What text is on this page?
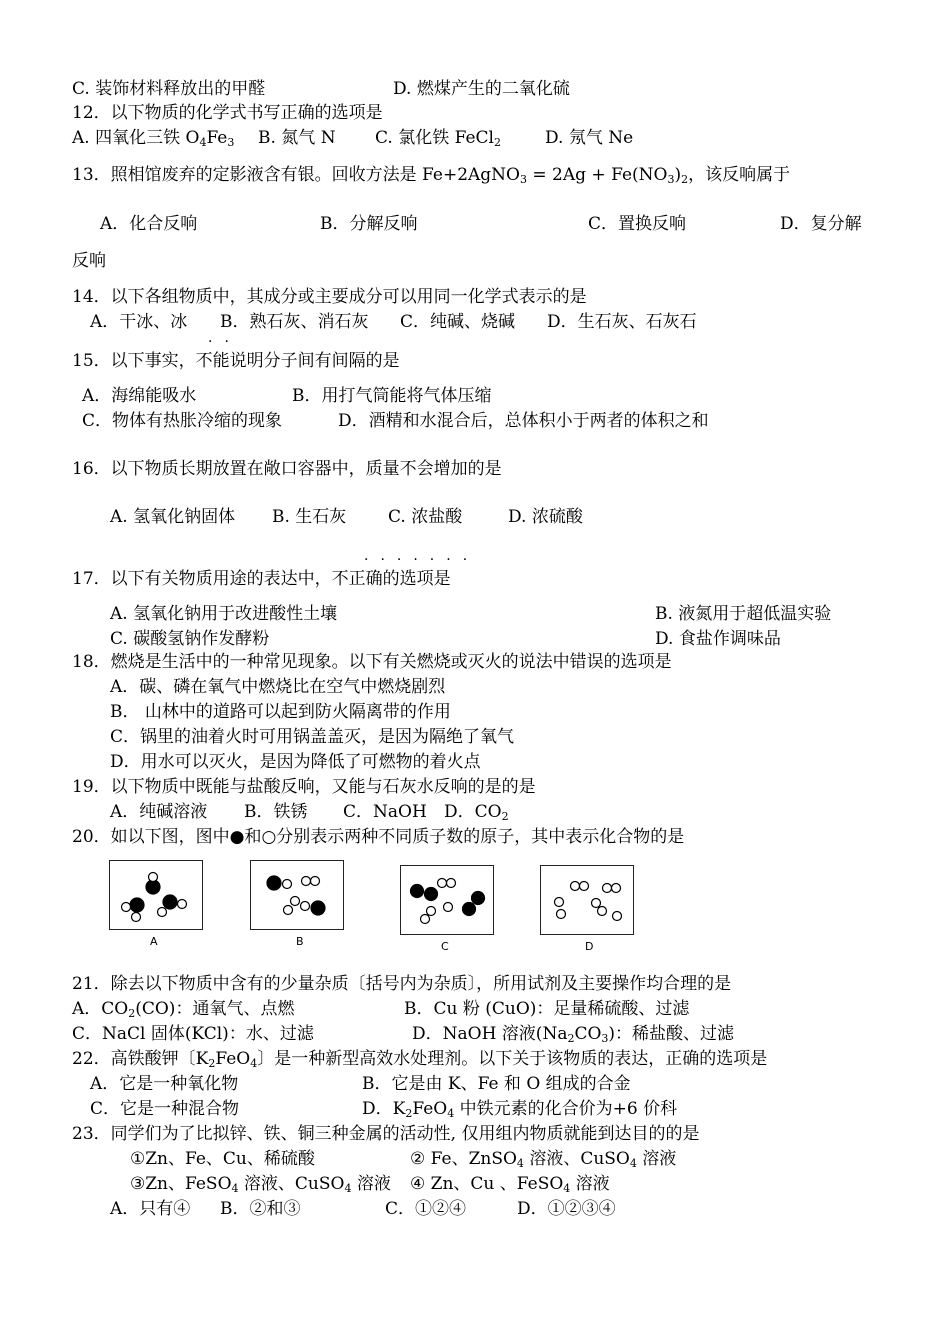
C. 装饰材料释放出的甲醛	D. 燃煤产生的二氧化硫
12．以下物质的化学式书写正确的选项是
A. 四氧化三铁 $O_4Fe_3$ B. 氮气 N C. 氯化铁 FeCl$_2$	D. 氖气 Ne
13．照相馆废弃的定影液含有银。回收方法是 Fe+2AgNO$_3$ = $2Ag + Fe(NO_3)_2$，该反响属于
A．化合反响	B．分解反响	C．置换反响	D．复分解
反响
14．以下各组物质中，其成分或主要成分可以用同一化学式表示的是
A．干冰、冰 B．熟石灰、消石灰 C．纯碱、烧碱 D．生石灰、石灰石
··
15．以下事实，不能说明分子间有间隔的是
A．海绵能吸水	B．用打气筒能将气体压缩
C．物体有热胀冷缩的现象	D．酒精和水混合后，总体积小于两者的体积之和
16．以下物质长期放置在敞口容器中，质量不会增加的是
A. 氢氧化钠固体 B. 生石灰 C. 浓盐酸	D. 浓硫酸
·······
17．以下有关物质用途的表达中，不正确的选项是
A. 氢氧化钠用于改进酸性土壤	B. 液氮用于超低温实验
C. 碳酸氢钠作发酵粉	D. 食盐作调味品
18．燃烧是生活中的一种常见现象。以下有关燃烧或灭火的说法中错误的选项是
A．碳、磷在氧气中燃烧比在空气中燃烧剧烈
B． 山林中的道路可以起到防火隔离带的作用
C．锅里的油着火时可用锅盖盖灭，是因为隔绝了氧气
D．用水可以灭火，是因为降低了可燃物的着火点
19．以下物质中既能与盐酸反响，又能与石灰水反响的是的是
A．纯碱溶液 B．铁锈 C．NaOH D．$CO_2$
20．如以下图，图中●和○分别表示两种不同质子数的原子，其中表示化合物的是
A	B	C	D
21．除去以下物质中含有的少量杂质〔括号内为杂质〕，所用试剂及主要操作均合理的是
A．$CO_2(CO)$：通氧气、点燃	B．Cu 粉 (CuO)：足量稀硫酸、过滤
C．NaCl 固体(KCl)：水、过滤	D．NaOH 溶液$(Na_2CO_3)$：稀盐酸、过滤
22．高铁酸钾〔$K_2FeO_4$〕是一种新型高效水处理剂。以下关于该物质的表达，正确的选项是
A．它是一种氧化物	B．它是由 K、Fe 和 O 组成的合金
C．它是一种混合物	D．$K_2FeO_4$ 中铁元素的化合价为+6 价科
23．同学们为了比拟锌、铁、铜三种金属的活动性, 仅用组内物质就能到达目的的是
①Zn、Fe、Cu、稀硫酸	② Fe、ZnSO$_4$ 溶液、CuSO$_4$ 溶液
③Zn、FeSO$_4$ 溶液、CuSO$_4$ 溶液 ④ Zn、Cu 、FeSO$_4$ 溶液
A．只有④ B．②和③	C．①②④	D．①②③④
